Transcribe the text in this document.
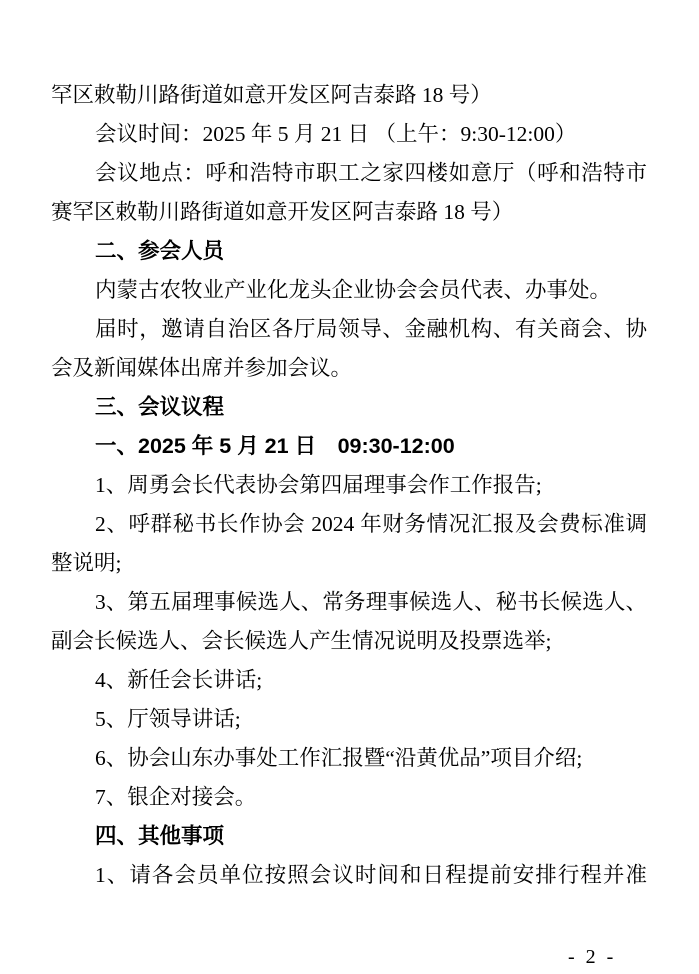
罕区敕勒川路街道如意开发区阿吉泰路 18 号）
会议时间：2025 年 5 月 21 日 （上午：9:30-12:00）
会议地点：呼和浩特市职工之家四楼如意厅（呼和浩特市
赛罕区敕勒川路街道如意开发区阿吉泰路 18 号）
二、参会人员
内蒙古农牧业产业化龙头企业协会会员代表、办事处。
届时，邀请自治区各厅局领导、金融机构、有关商会、协
会及新闻媒体出席并参加会议。
三、会议议程
一、2025 年 5 月 21 日　09:30-12:00
1、周勇会长代表协会第四届理事会作工作报告;
2、呼群秘书长作协会 2024 年财务情况汇报及会费标准调
整说明;
3、第五届理事候选人、常务理事候选人、秘书长候选人、
副会长候选人、会长候选人产生情况说明及投票选举;
4、新任会长讲话;
5、厅领导讲话;
6、协会山东办事处工作汇报暨“沿黄优品”项目介绍;
7、银企对接会。
四、其他事项
1、请各会员单位按照会议时间和日程提前安排行程并准
- 2 -
